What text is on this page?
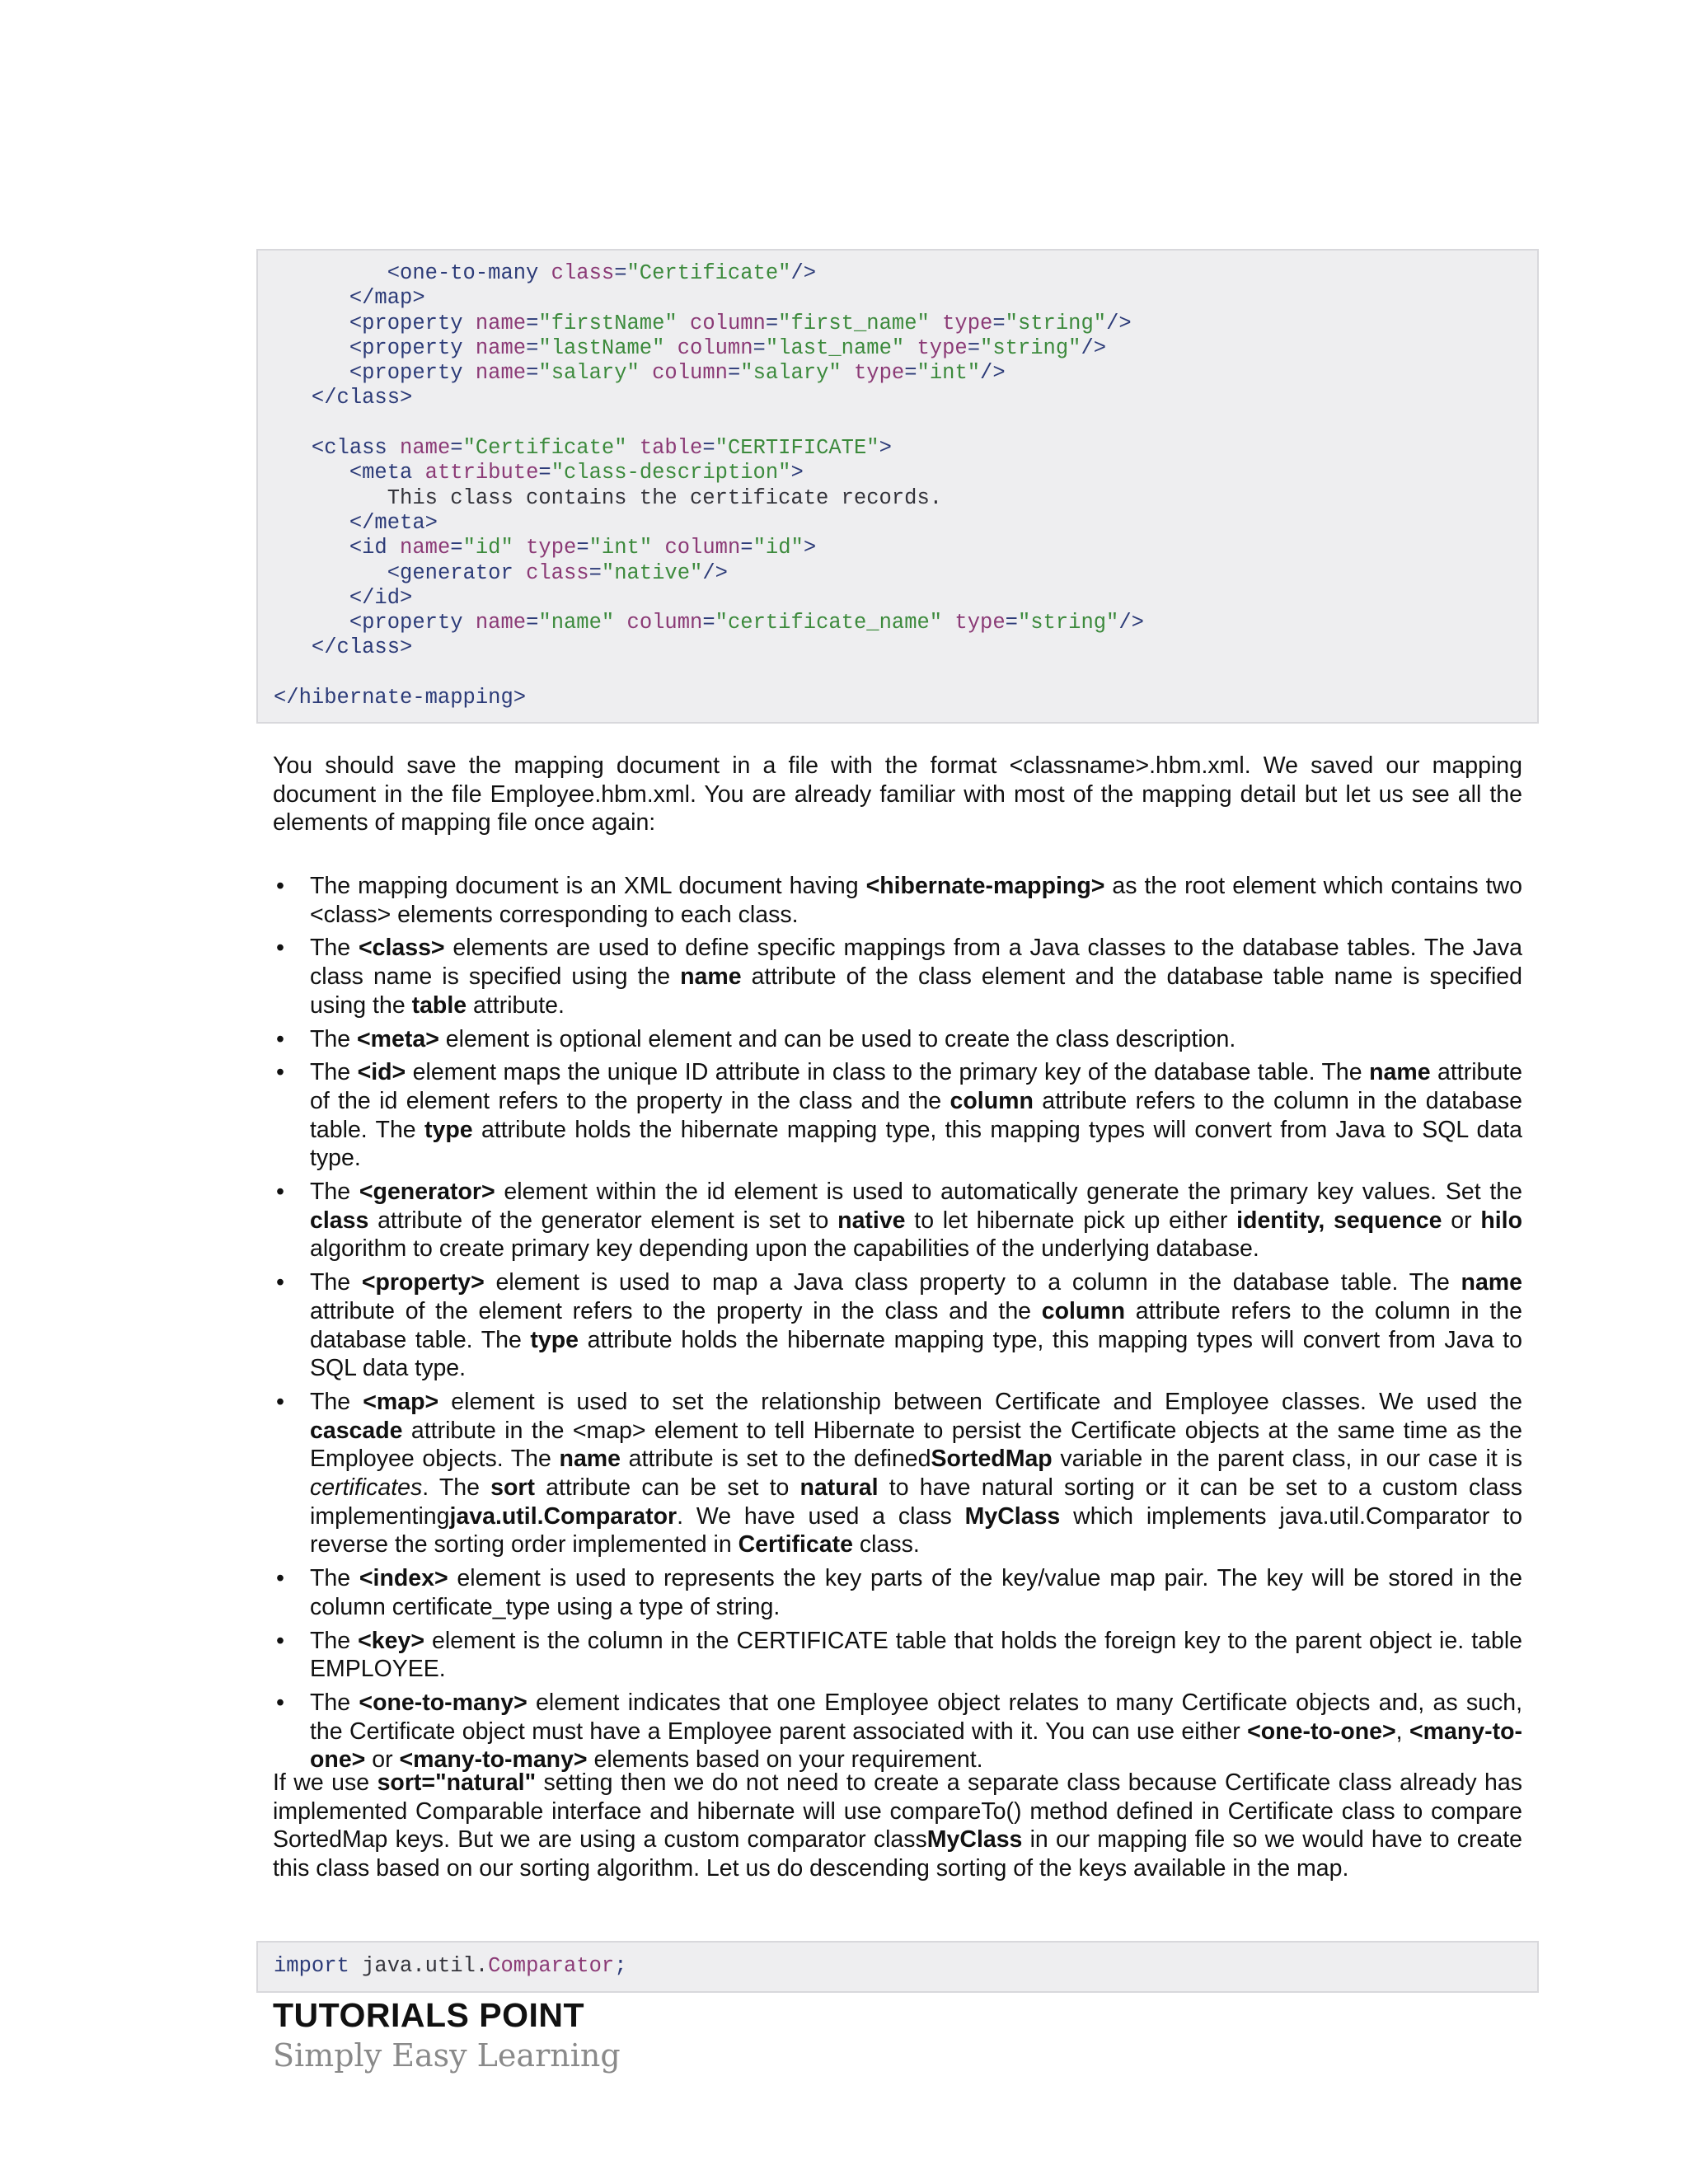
<one-to-many class="Certificate"/>
</map>
<property name="firstName" column="first_name" type="string"/>
<property name="lastName" column="last_name" type="string"/>
<property name="salary" column="salary" type="int"/>
</class>
<class name="Certificate" table="CERTIFICATE">
<meta attribute="class-description">
This class contains the certificate records.
</meta>
<id name="id" type="int" column="id">
<generator class="native"/>
</id>
<property name="name" column="certificate_name" type="string"/>
</class>
</hibernate-mapping>

You should save the mapping document in a file with the format <classname>.hbm.xml. We saved our mapping document in the file Employee.hbm.xml. You are already familiar with most of the mapping detail but let us see all the elements of mapping file once again:

• The mapping document is an XML document having <hibernate-mapping> as the root element which contains two <class> elements corresponding to each class.
• The <class> elements are used to define specific mappings from a Java classes to the database tables. The Java class name is specified using the name attribute of the class element and the database table name is specified using the table attribute.
• The <meta> element is optional element and can be used to create the class description.
• The <id> element maps the unique ID attribute in class to the primary key of the database table. The name attribute of the id element refers to the property in the class and the column attribute refers to the column in the database table. The type attribute holds the hibernate mapping type, this mapping types will convert from Java to SQL data type.
• The <generator> element within the id element is used to automatically generate the primary key values. Set the class attribute of the generator element is set to native to let hibernate pick up either identity, sequence or hilo algorithm to create primary key depending upon the capabilities of the underlying database.
• The <property> element is used to map a Java class property to a column in the database table. The name attribute of the element refers to the property in the class and the column attribute refers to the column in the database table. The type attribute holds the hibernate mapping type, this mapping types will convert from Java to SQL data type.
• The <map> element is used to set the relationship between Certificate and Employee classes. We used the cascade attribute in the <map> element to tell Hibernate to persist the Certificate objects at the same time as the Employee objects. The name attribute is set to the definedSortedMap variable in the parent class, in our case it is certificates. The sort attribute can be set to natural to have natural sorting or it can be set to a custom class implementingjava.util.Comparator. We have used a class MyClass which implements java.util.Comparator to reverse the sorting order implemented in Certificate class.
• The <index> element is used to represents the key parts of the key/value map pair. The key will be stored in the column certificate_type using a type of string.
• The <key> element is the column in the CERTIFICATE table that holds the foreign key to the parent object ie. table EMPLOYEE.
• The <one-to-many> element indicates that one Employee object relates to many Certificate objects and, as such, the Certificate object must have a Employee parent associated with it. You can use either <one-to-one>, <many-to-one> or <many-to-many> elements based on your requirement.

If we use sort="natural" setting then we do not need to create a separate class because Certificate class already has implemented Comparable interface and hibernate will use compareTo() method defined in Certificate class to compare SortedMap keys. But we are using a custom comparator classMyClass in our mapping file so we would have to create this class based on our sorting algorithm. Let us do descending sorting of the keys available in the map.

import java.util.Comparator;
TUTORIALS POINT
Simply Easy Learning
